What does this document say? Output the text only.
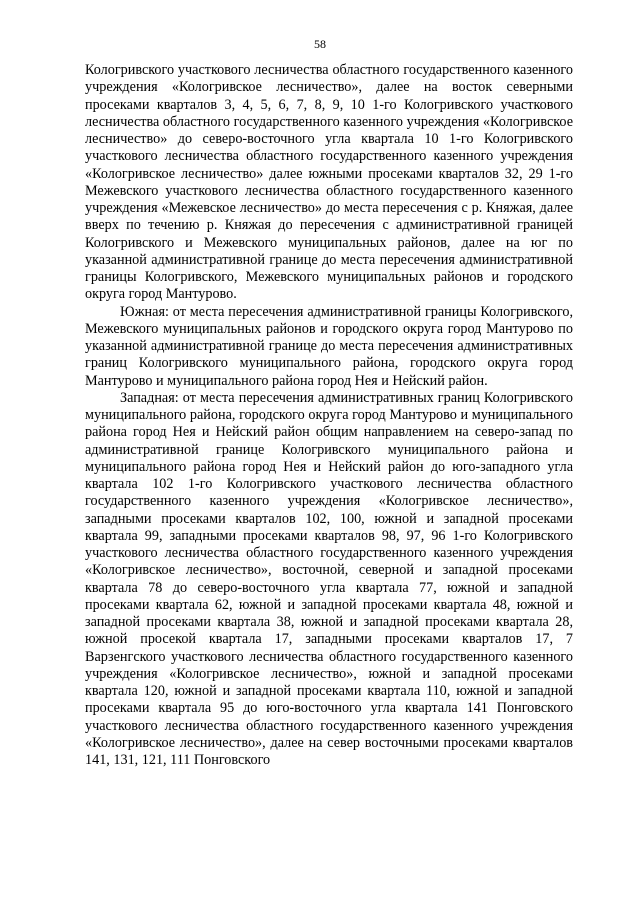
58

Кологривского участкового лесничества областного государственного казенного учреждения «Кологривское лесничество», далее на восток северными просеками кварталов 3, 4, 5, 6, 7, 8, 9, 10 1-го Кологривского участкового лесничества областного государственного казенного учреждения «Кологривское лесничество» до северо-восточного угла квартала 10 1-го Кологривского участкового лесничества областного государственного казенного учреждения «Кологривское лесничество» далее южными просеками кварталов 32, 29 1-го Межевского участкового лесничества областного государственного казенного учреждения «Межевское лесничество» до места пересечения с р. Княжая, далее вверх по течению р. Княжая до пересечения с административной границей Кологривского и Межевского муниципальных районов, далее на юг по указанной административной границе до места пересечения административной границы Кологривского, Межевского муниципальных районов и городского округа город Мантурово.

Южная: от места пересечения административной границы Кологривского, Межевского муниципальных районов и городского округа город Мантурово по указанной административной границе до места пересечения административных границ Кологривского муниципального района, городского округа город Мантурово и муниципального района город Нея и Нейский район.

Западная: от места пересечения административных границ Кологривского муниципального района, городского округа город Мантурово и муниципального района город Нея и Нейский район общим направлением на северо-запад по административной границе Кологривского муниципального района и муниципального района город Нея и Нейский район до юго-западного угла квартала 102 1-го Кологривского участкового лесничества областного государственного казенного учреждения «Кологривское лесничество», западными просеками кварталов 102, 100, южной и западной просеками квартала 99, западными просеками кварталов 98, 97, 96 1-го Кологривского участкового лесничества областного государственного казенного учреждения «Кологривское лесничество», восточной, северной и западной просеками квартала 78 до северо-восточного угла квартала 77, южной и западной просеками квартала 62, южной и западной просеками квартала 48, южной и западной просеками квартала 38, южной и западной просеками квартала 28, южной просекой квартала 17, западными просеками кварталов 17, 7 Варзенгского участкового лесничества областного государственного казенного учреждения «Кологривское лесничество», южной и западной просеками квартала 120, южной и западной просеками квартала 110, южной и западной просеками квартала 95 до юго-восточного угла квартала 141 Понговского участкового лесничества областного государственного казенного учреждения «Кологривское лесничество», далее на север восточными просеками кварталов 141, 131, 121, 111 Понговского
